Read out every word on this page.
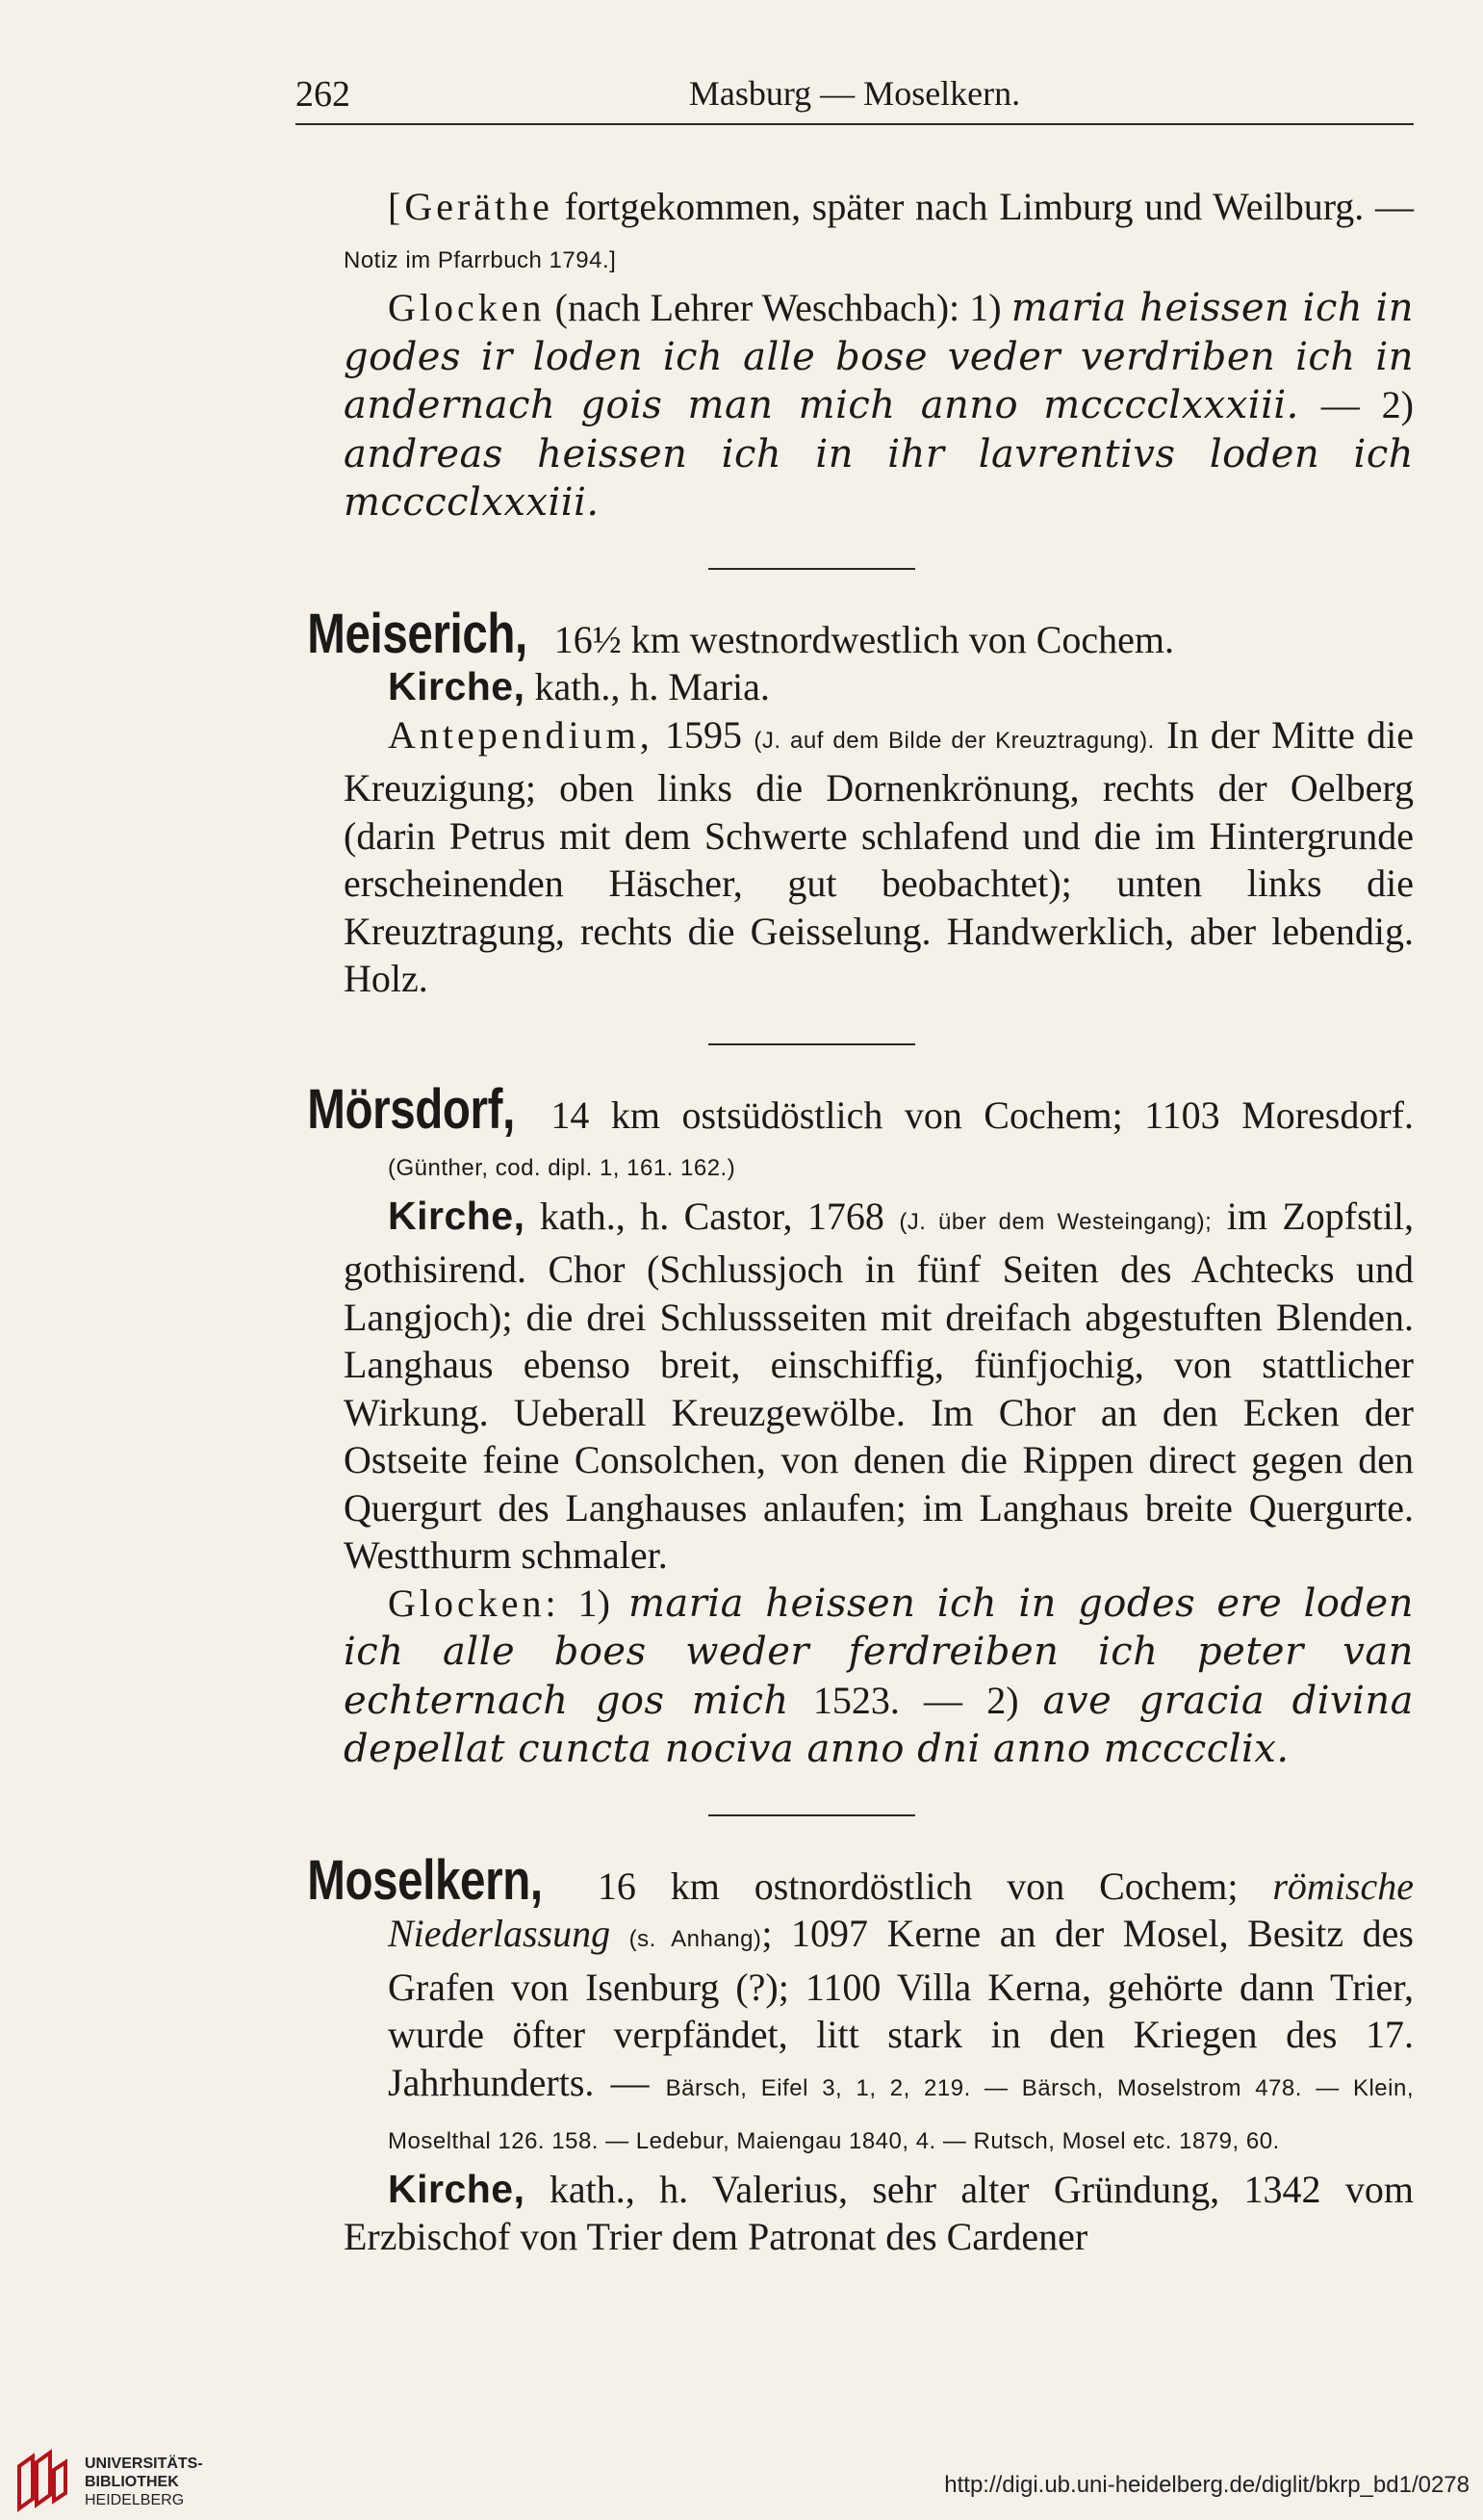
262	Masburg — Moselkern.

[Geräthe fortgekommen, später nach Limburg und Weilburg. — Notiz im Pfarrbuch 1794.]

Glocken (nach Lehrer Weschbach): 1) maria heissen ich in godes ir loden ich alle bose veder verdriben ich in andernach gois man mich anno mcccclxxxiii. — 2) andreas heissen ich in ihr lavrentivs loden ich mcccclxxxiii.

Meiserich, 16½ km westnordwestlich von Cochem.

Kirche, kath., h. Maria.

Antependium, 1595 (J. auf dem Bilde der Kreuztragung). In der Mitte die Kreuzigung; oben links die Dornenkrönung, rechts der Oelberg (darin Petrus mit dem Schwerte schlafend und die im Hintergrunde erscheinenden Häscher, gut beobachtet); unten links die Kreuztragung, rechts die Geisselung. Handwerklich, aber lebendig. Holz.

Mörsdorf, 14 km ostsüdöstlich von Cochem; 1103 Moresdorf. (Günther, cod. dipl. 1, 161. 162.)

Kirche, kath., h. Castor, 1768 (J. über dem Westeingang); im Zopfstil, gothisirend. Chor (Schlussjoch in fünf Seiten des Achtecks und Langjoch); die drei Schlussseiten mit dreifach abgestuften Blenden. Langhaus ebenso breit, einschiffig, fünfjochig, von stattlicher Wirkung. Ueberall Kreuzgewölbe. Im Chor an den Ecken der Ostseite feine Consolchen, von denen die Rippen direct gegen den Quergurt des Langhauses anlaufen; im Langhaus breite Quergurte. Westthurm schmaler.

Glocken: 1) maria heissen ich in godes ere loden ich alle boes weder ferdreiben ich peter van echternach gos mich 1523. — 2) ave gracia divina depellat cuncta nociva anno dni anno mcccclix.

Moselkern, 16 km ostnordöstlich von Cochem; römische Niederlassung (s. Anhang); 1097 Kerne an der Mosel, Besitz des Grafen von Isenburg (?); 1100 Villa Kerna, gehörte dann Trier, wurde öfter verpfändet, litt stark in den Kriegen des 17. Jahrhunderts. — Bärsch, Eifel 3, 1, 2, 219. — Bärsch, Moselstrom 478. — Klein, Moselthal 126. 158. — Ledebur, Maiengau 1840, 4. — Rutsch, Mosel etc. 1879, 60.

Kirche, kath., h. Valerius, sehr alter Gründung, 1342 vom Erzbischof von Trier dem Patronat des Cardener

UNIVERSITÄTS-
BIBLIOTHEK
HEIDELBERG
http://digi.ub.uni-heidelberg.de/diglit/bkrp_bd1/0278
